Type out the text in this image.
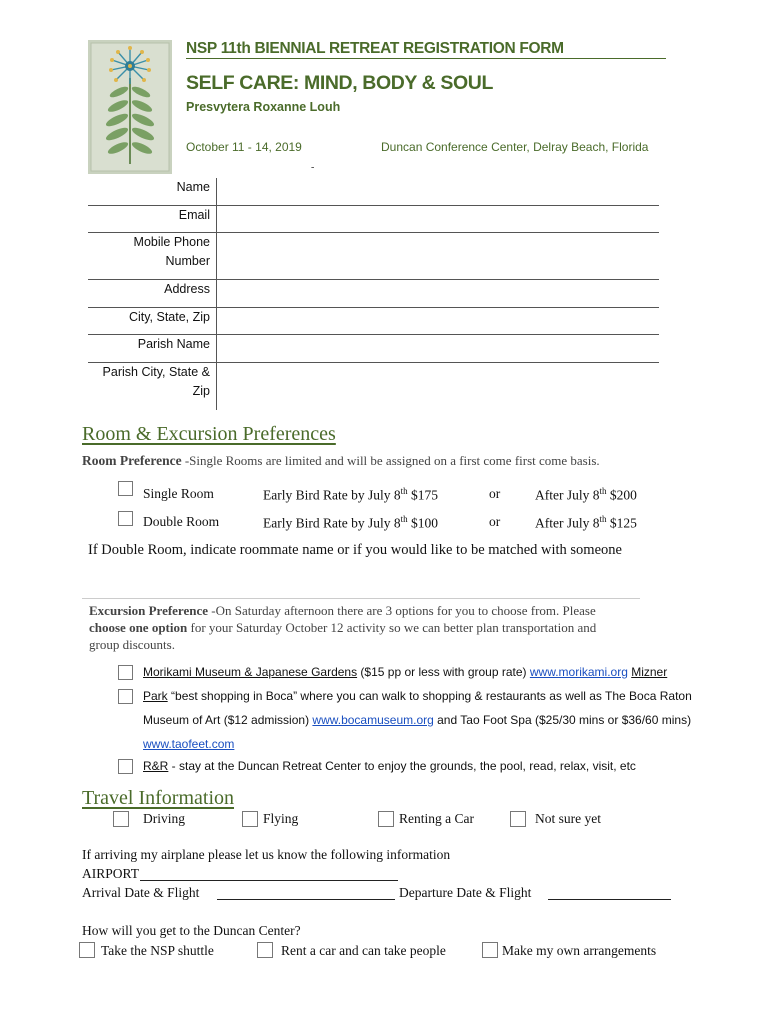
NSP 11th BIENNIAL RETREAT REGISTRATION FORM
SELF CARE: MIND, BODY & SOUL
Presvytera Roxanne Louh
October 11 - 14, 2019	Duncan Conference Center, Delray Beach, Florida
-
Name
Email
Mobile Phone
Number
Address
City, State, Zip
Parish Name
Parish City, State &
Zip
Room & Excursion Preferences
Room Preference -Single Rooms are limited and will be assigned on a first come first come basis.
Single Room	Early Bird Rate by July 8th $175	or	After July 8th $200
Double Room	Early Bird Rate by July 8th $100	or	After July 8th $125
If Double Room, indicate roommate name or if you would like to be matched with someone
Excursion Preference -On Saturday afternoon there are 3 options for you to choose from. Please
choose one option for your Saturday October 12 activity so we can better plan transportation and
group discounts.
Morikami Museum & Japanese Gardens ($15 pp or less with group rate) www.morikami.org Mizner
Park “best shopping in Boca” where you can walk to shopping & restaurants as well as The Boca Raton
Museum of Art ($12 admission) www.bocamuseum.org and Tao Foot Spa ($25/30 mins or $36/60 mins)
www.taofeet.com
R&R - stay at the Duncan Retreat Center to enjoy the grounds, the pool, read, relax, visit, etc
Travel Information
Driving	Flying	Renting a Car	Not sure yet
If arriving my airplane please let us know the following information
AIRPORT
Arrival Date & Flight	Departure Date & Flight
How will you get to the Duncan Center?
Take the NSP shuttle	Rent a car and can take people	Make my own arrangements
